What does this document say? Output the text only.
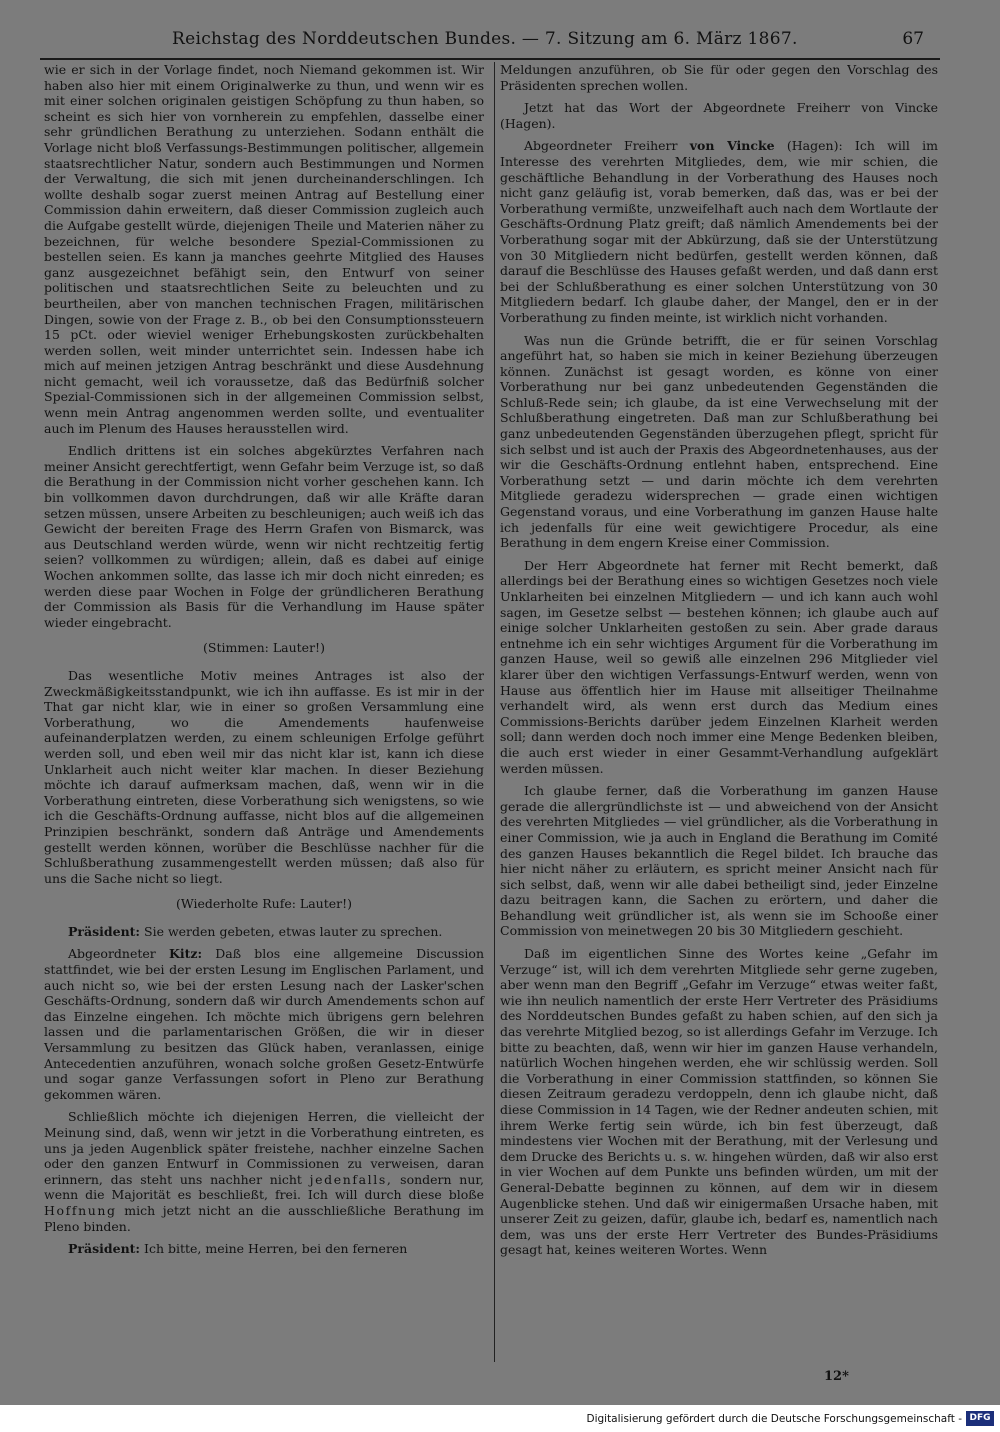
Reichstag des Norddeutschen Bundes. — 7. Sitzung am 6. März 1867.	67

wie er sich in der Vorlage findet, noch Niemand gekommen ist. Wir haben also hier mit einem Originalwerke zu thun, und wenn wir es mit einer solchen originalen geistigen Schöpfung zu thun haben, so scheint es sich hier von vornherein zu empfehlen, dasselbe einer sehr gründlichen Berathung zu unterziehen. Sodann enthält die Vorlage nicht bloß Verfassungs-Bestimmungen politischer, allgemein staatsrechtlicher Natur, sondern auch Bestimmungen und Normen der Verwaltung, die sich mit jenen durcheinanderschlingen. Ich wollte deshalb sogar zuerst meinen Antrag auf Bestellung einer Commission dahin erweitern, daß dieser Commission zugleich auch die Aufgabe gestellt würde, diejenigen Theile und Materien näher zu bezeichnen, für welche besondere Spezial-Commissionen zu bestellen seien. Es kann ja manches geehrte Mitglied des Hauses ganz ausgezeichnet befähigt sein, den Entwurf von seiner politischen und staatsrechtlichen Seite zu beleuchten und zu beurtheilen, aber von manchen technischen Fragen, militärischen Dingen, sowie von der Frage z. B., ob bei den Consumptionssteuern 15 pCt. oder wieviel weniger Erhebungskosten zurückbehalten werden sollen, weit minder unterrichtet sein. Indessen habe ich mich auf meinen jetzigen Antrag beschränkt und diese Ausdehnung nicht gemacht, weil ich voraussetze, daß das Bedürfniß solcher Spezial-Commissionen sich in der allgemeinen Commission selbst, wenn mein Antrag angenommen werden sollte, und eventualiter auch im Plenum des Hauses herausstellen wird.

Endlich drittens ist ein solches abgekürztes Verfahren nach meiner Ansicht gerechtfertigt, wenn Gefahr beim Verzuge ist, so daß die Berathung in der Commission nicht vorher geschehen kann. Ich bin vollkommen davon durchdrungen, daß wir alle Kräfte daran setzen müssen, unsere Arbeiten zu beschleunigen; auch weiß ich das Gewicht der bereiten Frage des Herrn Grafen von Bismarck, was aus Deutschland werden würde, wenn wir nicht rechtzeitig fertig seien? vollkommen zu würdigen; allein, daß es dabei auf einige Wochen ankommen sollte, das lasse ich mir doch nicht einreden; es werden diese paar Wochen in Folge der gründlicheren Berathung der Commission als Basis für die Verhandlung im Hause später wieder eingebracht.

(Stimmen: Lauter!)

Das wesentliche Motiv meines Antrages ist also der Zweckmäßigkeitsstandpunkt, wie ich ihn auffasse. Es ist mir in der That gar nicht klar, wie in einer so großen Versammlung eine Vorberathung, wo die Amendements haufenweise aufeinanderplatzen werden, zu einem schleunigen Erfolge geführt werden soll, und eben weil mir das nicht klar ist, kann ich diese Unklarheit auch nicht weiter klar machen. In dieser Beziehung möchte ich darauf aufmerksam machen, daß, wenn wir in die Vorberathung eintreten, diese Vorberathung sich wenigstens, so wie ich die Geschäfts-Ordnung auffasse, nicht blos auf die allgemeinen Prinzipien beschränkt, sondern daß Anträge und Amendements gestellt werden können, worüber die Beschlüsse nachher für die Schlußberathung zusammengestellt werden müssen; daß also für uns die Sache nicht so liegt.

(Wiederholte Rufe: Lauter!)

Präsident: Sie werden gebeten, etwas lauter zu sprechen.

Abgeordneter Kitz: Daß blos eine allgemeine Discussion stattfindet, wie bei der ersten Lesung im Englischen Parlament, und auch nicht so, wie bei der ersten Lesung nach der Lasker'schen Geschäfts-Ordnung, sondern daß wir durch Amendements schon auf das Einzelne eingehen. Ich möchte mich übrigens gern belehren lassen und die parlamentarischen Größen, die wir in dieser Versammlung zu besitzen das Glück haben, veranlassen, einige Antecedentien anzuführen, wonach solche großen Gesetz-Entwürfe und sogar ganze Verfassungen sofort in Pleno zur Berathung gekommen wären.

Schließlich möchte ich diejenigen Herren, die vielleicht der Meinung sind, daß, wenn wir jetzt in die Vorberathung eintreten, es uns ja jeden Augenblick später freistehe, nachher einzelne Sachen oder den ganzen Entwurf in Commissionen zu verweisen, daran erinnern, das steht uns nachher nicht jedenfalls, sondern nur, wenn die Majorität es beschließt, frei. Ich will durch diese bloße Hoffnung mich jetzt nicht an die ausschließliche Berathung im Pleno binden.

Präsident: Ich bitte, meine Herren, bei den ferneren

Meldungen anzuführen, ob Sie für oder gegen den Vorschlag des Präsidenten sprechen wollen.

Jetzt hat das Wort der Abgeordnete Freiherr von Vincke (Hagen).

Abgeordneter Freiherr von Vincke (Hagen): Ich will im Interesse des verehrten Mitgliedes, dem, wie mir schien, die geschäftliche Behandlung in der Vorberathung des Hauses noch nicht ganz geläufig ist, vorab bemerken, daß das, was er bei der Vorberathung vermißte, unzweifelhaft auch nach dem Wortlaute der Geschäfts-Ordnung Platz greift; daß nämlich Amendements bei der Vorberathung sogar mit der Abkürzung, daß sie der Unterstützung von 30 Mitgliedern nicht bedürfen, gestellt werden können, daß darauf die Beschlüsse des Hauses gefaßt werden, und daß dann erst bei der Schlußberathung es einer solchen Unterstützung von 30 Mitgliedern bedarf. Ich glaube daher, der Mangel, den er in der Vorberathung zu finden meinte, ist wirklich nicht vorhanden.

Was nun die Gründe betrifft, die er für seinen Vorschlag angeführt hat, so haben sie mich in keiner Beziehung überzeugen können. Zunächst ist gesagt worden, es könne von einer Vorberathung nur bei ganz unbedeutenden Gegenständen die Schluß-Rede sein; ich glaube, da ist eine Verwechselung mit der Schlußberathung eingetreten. Daß man zur Schlußberathung bei ganz unbedeutenden Gegenständen überzugehen pflegt, spricht für sich selbst und ist auch der Praxis des Abgeordnetenhauses, aus der wir die Geschäfts-Ordnung entlehnt haben, entsprechend. Eine Vorberathung setzt — und darin möchte ich dem verehrten Mitgliede geradezu widersprechen — grade einen wichtigen Gegenstand voraus, und eine Vorberathung im ganzen Hause halte ich jedenfalls für eine weit gewichtigere Procedur, als eine Berathung in dem engern Kreise einer Commission.

Der Herr Abgeordnete hat ferner mit Recht bemerkt, daß allerdings bei der Berathung eines so wichtigen Gesetzes noch viele Unklarheiten bei einzelnen Mitgliedern — und ich kann auch wohl sagen, im Gesetze selbst — bestehen können; ich glaube auch auf einige solcher Unklarheiten gestoßen zu sein. Aber grade daraus entnehme ich ein sehr wichtiges Argument für die Vorberathung im ganzen Hause, weil so gewiß alle einzelnen 296 Mitglieder viel klarer über den wichtigen Verfassungs-Entwurf werden, wenn von Hause aus öffentlich hier im Hause mit allseitiger Theilnahme verhandelt wird, als wenn erst durch das Medium eines Commissions-Berichts darüber jedem Einzelnen Klarheit werden soll; dann werden doch noch immer eine Menge Bedenken bleiben, die auch erst wieder in einer Gesammt-Verhandlung aufgeklärt werden müssen.

Ich glaube ferner, daß die Vorberathung im ganzen Hause gerade die allergründlichste ist — und abweichend von der Ansicht des verehrten Mitgliedes — viel gründlicher, als die Vorberathung in einer Commission, wie ja auch in England die Berathung im Comité des ganzen Hauses bekanntlich die Regel bildet. Ich brauche das hier nicht näher zu erläutern, es spricht meiner Ansicht nach für sich selbst, daß, wenn wir alle dabei betheiligt sind, jeder Einzelne dazu beitragen kann, die Sachen zu erörtern, und daher die Behandlung weit gründlicher ist, als wenn sie im Schooße einer Commission von meinetwegen 20 bis 30 Mitgliedern geschieht.

Daß im eigentlichen Sinne des Wortes keine „Gefahr im Verzuge“ ist, will ich dem verehrten Mitgliede sehr gerne zugeben, aber wenn man den Begriff „Gefahr im Verzuge“ etwas weiter faßt, wie ihn neulich namentlich der erste Herr Vertreter des Präsidiums des Norddeutschen Bundes gefaßt zu haben schien, auf den sich ja das verehrte Mitglied bezog, so ist allerdings Gefahr im Verzuge. Ich bitte zu beachten, daß, wenn wir hier im ganzen Hause verhandeln, natürlich Wochen hingehen werden, ehe wir schlüssig werden. Soll die Vorberathung in einer Commission stattfinden, so können Sie diesen Zeitraum geradezu verdoppeln, denn ich glaube nicht, daß diese Commission in 14 Tagen, wie der Redner andeuten schien, mit ihrem Werke fertig sein würde, ich bin fest überzeugt, daß mindestens vier Wochen mit der Berathung, mit der Verlesung und dem Drucke des Berichts u. s. w. hingehen würden, daß wir also erst in vier Wochen auf dem Punkte uns befinden würden, um mit der General-Debatte beginnen zu können, auf dem wir in diesem Augenblicke stehen. Und daß wir einigermaßen Ursache haben, mit unserer Zeit zu geizen, dafür, glaube ich, bedarf es, namentlich nach dem, was uns der erste Herr Vertreter des Bundes-Präsidiums gesagt hat, keines weiteren Wortes. Wenn

12*
Digitalisierung gefördert durch die Deutsche Forschungsgemeinschaft - DFG
